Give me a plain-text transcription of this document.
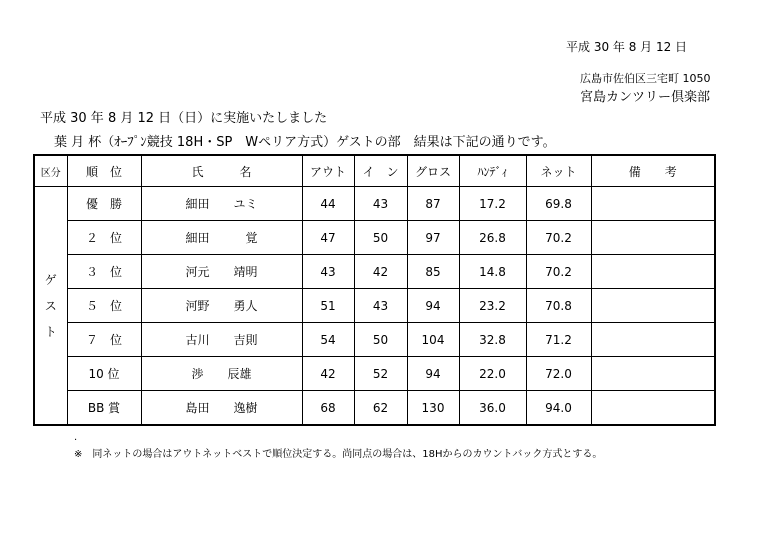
平成 30 年 8 月 12 日
広島市佐伯区三宅町 1050
宮島カンツリー倶楽部
平成 30 年 8 月 12 日（日）に実施いたしました
葉 月 杯（ｵｰﾌﾟﾝ競技 18H・SP　Wペリア方式）ゲストの部　結果は下記の通りです。
区分	順　位	氏　　　名	アウト	イ　ン	グロス	ﾊﾝﾃﾞｨ	ネット	備　　考

ゲ
ス
ト	優　勝	細田　　ユミ	44	43	87	17.2	69.8	
	２　位	細田　　　覚	47	50	97	26.8	70.2	
	３　位	河元　　靖明	43	42	85	14.8	70.2	
	５　位	河野　　勇人	51	43	94	23.2	70.8	
	７　位	古川　　吉則	54	50	104	32.8	71.2	
	10 位	渉　　辰雄	42	52	94	22.0	72.0	
	BB 賞	島田　　逸樹	68	62	130	36.0	94.0	
.
※　同ネットの場合はアウトネットベストで順位決定する。尚同点の場合は、18Hからのカウントバック方式とする。
